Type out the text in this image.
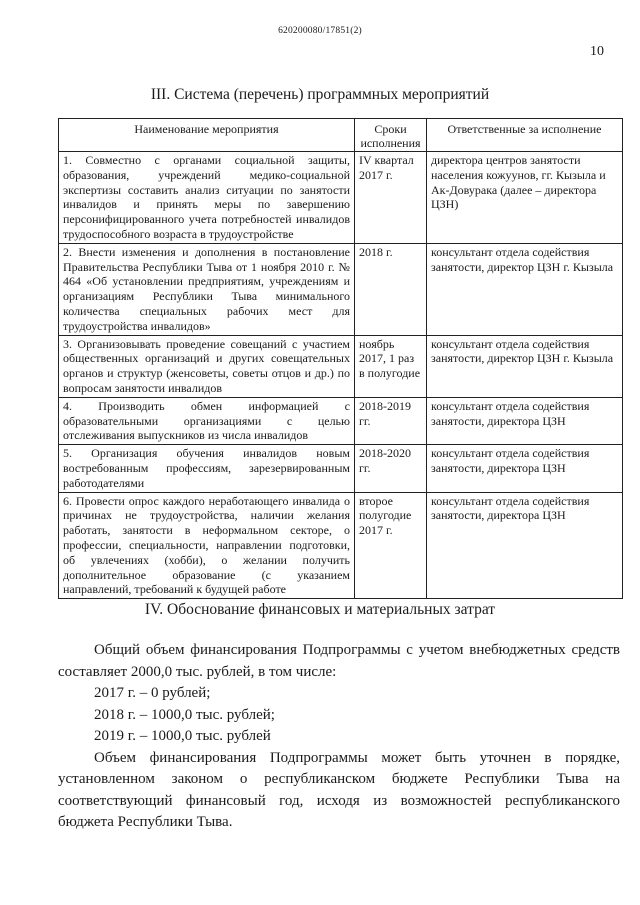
620200080/17851(2)
10
III. Система (перечень) программных мероприятий
Наименование мероприятия	Сроки исполнения	Ответственные за исполнение
1. Совместно с органами социальной защиты, образования, учреждений медико-социальной экспертизы составить анализ ситуации по занятости инвалидов и принять меры по завершению персонифицированного учета потребностей инвалидов трудоспособного возраста в трудоустройстве	IV квартал 2017 г.	директора центров занятости населения кожуунов, гг. Кызыла и Ак-Довурака (далее – директора ЦЗН)
2. Внести изменения и дополнения в постановление Правительства Республики Тыва от 1 ноября 2010 г. № 464 «Об установлении предприятиям, учреждениям и организациям Республики Тыва минимального количества специальных рабочих мест для трудоустройства инвалидов»	2018 г.	консультант отдела содействия занятости, директор ЦЗН г. Кызыла
3. Организовывать проведение совещаний с участием общественных организаций и других совещательных органов и структур (женсоветы, советы отцов и др.) по вопросам занятости инвалидов	ноябрь 2017, 1 раз в полугодие	консультант отдела содействия занятости, директор ЦЗН г. Кызыла
4. Производить обмен информацией с образовательными организациями с целью отслеживания выпускников из числа инвалидов	2018-2019 гг.	консультант отдела содействия занятости, директора ЦЗН
5. Организация обучения инвалидов новым востребованным профессиям, зарезервированным работодателями	2018-2020 гг.	консультант отдела содействия занятости, директора ЦЗН
6. Провести опрос каждого неработающего инвалида о причинах не трудоустройства, наличии желания работать, занятости в неформальном секторе, о профессии, специальности, направлении подготовки, об увлечениях (хобби), о желании получить дополнительное образование (с указанием направлений, требований к будущей работе	второе полугодие 2017 г.	консультант отдела содействия занятости, директора ЦЗН
IV. Обоснование финансовых и материальных затрат

Общий объем финансирования Подпрограммы с учетом внебюджетных средств составляет 2000,0 тыс. рублей, в том числе:

2017 г. – 0 рублей;

2018 г. – 1000,0 тыс. рублей;

2019 г. – 1000,0 тыс. рублей

Объем финансирования Подпрограммы может быть уточнен в порядке, установленном законом о республиканском бюджете Республики Тыва на соответствующий финансовый год, исходя из возможностей республиканского бюджета Республики Тыва.
